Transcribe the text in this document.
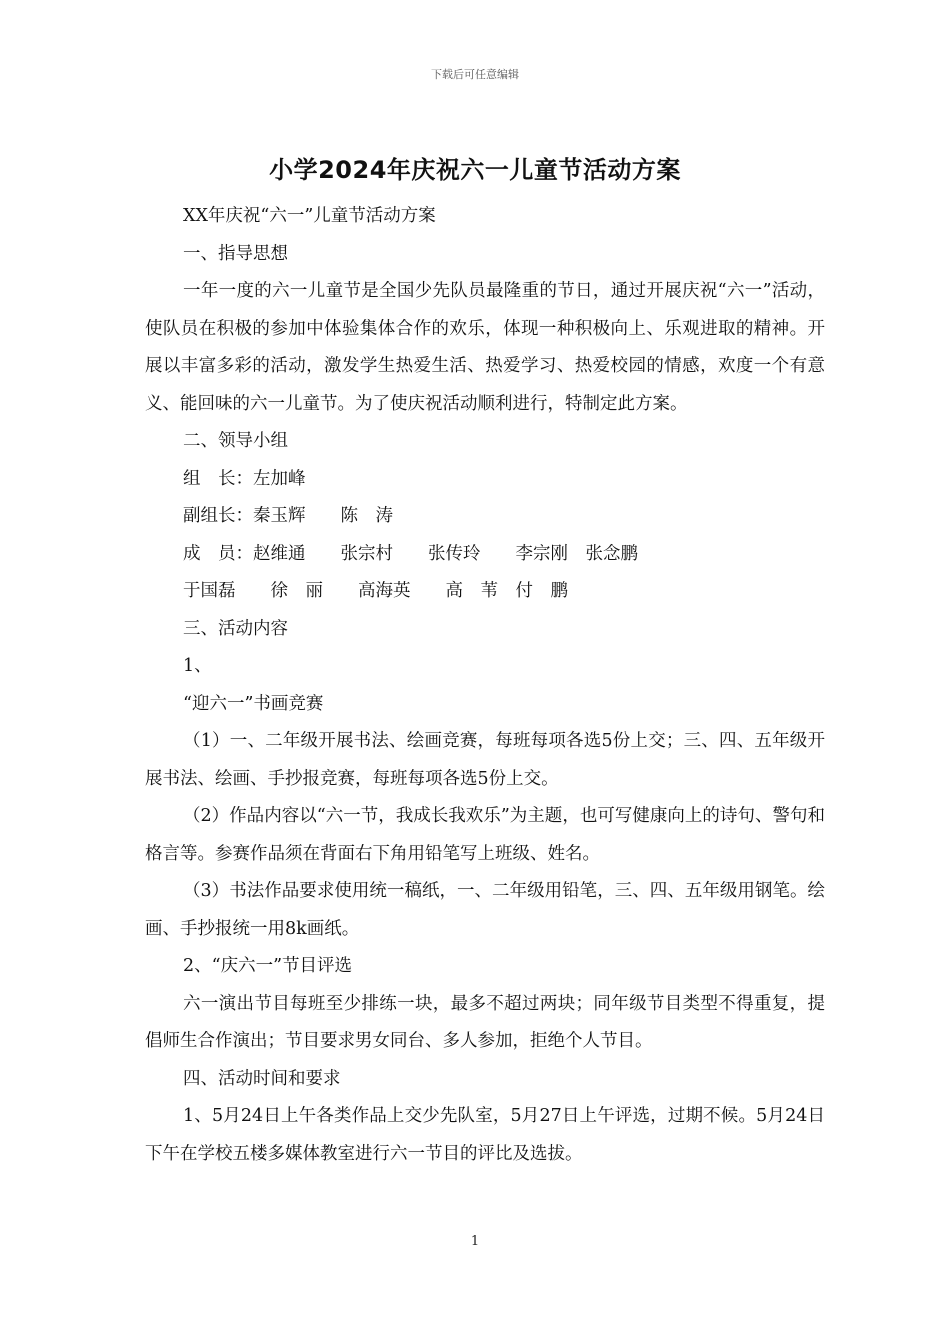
下载后可任意编辑
小学2024年庆祝六一儿童节活动方案

XX年庆祝“六一”儿童节活动方案

一、指导思想

一年一度的六一儿童节是全国少先队员最隆重的节日，通过开展庆祝“六一”活动，使队员在积极的参加中体验集体合作的欢乐，体现一种积极向上、乐观进取的精神。开展以丰富多彩的活动，激发学生热爱生活、热爱学习、热爱校园的情感，欢度一个有意义、能回味的六一儿童节。为了使庆祝活动顺利进行，特制定此方案。

二、领导小组

组　长：左加峰

副组长：秦玉辉　　陈　涛

成　员：赵维通　　张宗村　　张传玲　　李宗刚　张念鹏

于国磊　　徐　丽　　高海英　　高　苇　付　鹏

三、活动内容

1、

“迎六一”书画竞赛

（1）一、二年级开展书法、绘画竞赛，每班每项各选5份上交；三、四、五年级开展书法、绘画、手抄报竞赛，每班每项各选5份上交。

（2）作品内容以“六一节，我成长我欢乐”为主题，也可写健康向上的诗句、警句和格言等。参赛作品须在背面右下角用铅笔写上班级、姓名。

（3）书法作品要求使用统一稿纸，一、二年级用铅笔，三、四、五年级用钢笔。绘画、手抄报统一用8k画纸。

2、“庆六一”节目评选

六一演出节目每班至少排练一块，最多不超过两块；同年级节目类型不得重复，提倡师生合作演出；节目要求男女同台、多人参加，拒绝个人节目。

四、活动时间和要求

1、5月24日上午各类作品上交少先队室，5月27日上午评选，过期不候。5月24日下午在学校五楼多媒体教室进行六一节目的评比及选拔。

1
